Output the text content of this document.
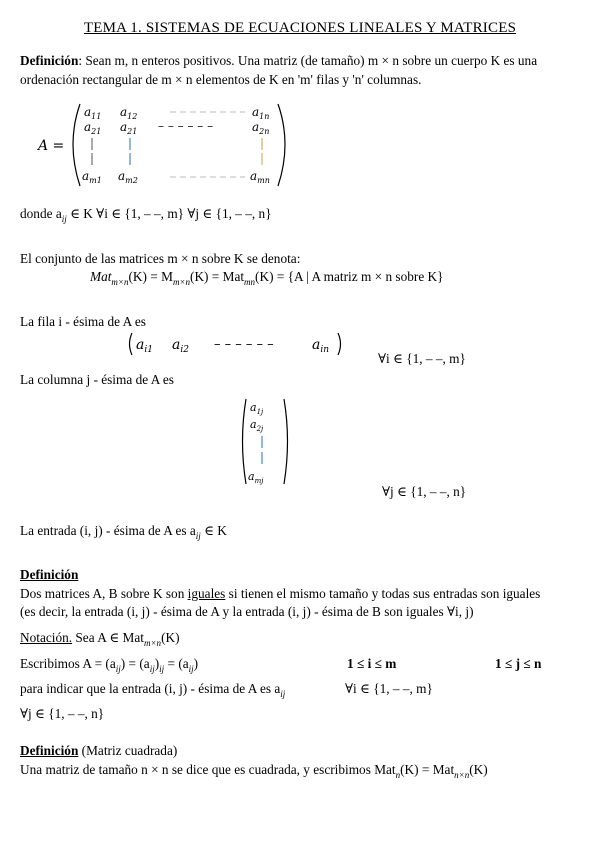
TEMA 1. SISTEMAS DE ECUACIONES LINEALES Y MATRICES
Definición: Sean m, n enteros positivos. Una matriz (de tamaño) m × n sobre un cuerpo K es una
ordenación rectangular de m × n elementos de K en 'm' filas y 'n' columnas.
A =
$a_{11}$ $a_{12}$	$a_{1n}$
$a_{21}$ $a_{21}$	$a_{2n}$
– – – – – –
$a_{m1}$ $a_{m2}$	$a_{mn}$
donde $a_{ij}$ ∈ K ∀i ∈ {1, – –, m} ∀j ∈ {1, – –, n}
El conjunto de las matrices m × n sobre K se denota:
$Mat_{m\times n}(K) = M_{m\times n}(K) = Mat_{mn}(K) = \{A$ | A matriz m × n sobre K}
La fila i - ésima de A es
$a_{i1}$ $a_{i2}$	$a_{in}$
– – – – – –
∀i ∈ {1, – –, m}
La columna j - ésima de A es
$a_{1j}$
$a_{2j}$
$a_{mj}$
∀j ∈ {1, – –, n}
La entrada (i, j) - ésima de A es $a_{ij}$ ∈ K
Definición
Dos matrices A, B sobre K son iguales si tienen el mismo tamaño y todas sus entradas son iguales
(es decir, la entrada (i, j) - ésima de A y la entrada (i, j) - ésima de B son iguales ∀i, j)
Notación. Sea A ∈ Mat$_{m\times n}$(K)
Escribimos $A = (a_{ij}) = (a_{ij})_{ij} = (a_{ij})$	1 ≤ i ≤ m	1 ≤ j ≤ n
para indicar que la entrada (i, j) - ésima de A es $a_{ij}$	∀i ∈ {1, – –, m}
∀j ∈ {1, – –, n}
Definición (Matriz cuadrada)
Una matriz de tamaño n × n se dice que es cuadrada, y escribimos Mat$_n$(K) = Mat$_{n\times n}$(K)
